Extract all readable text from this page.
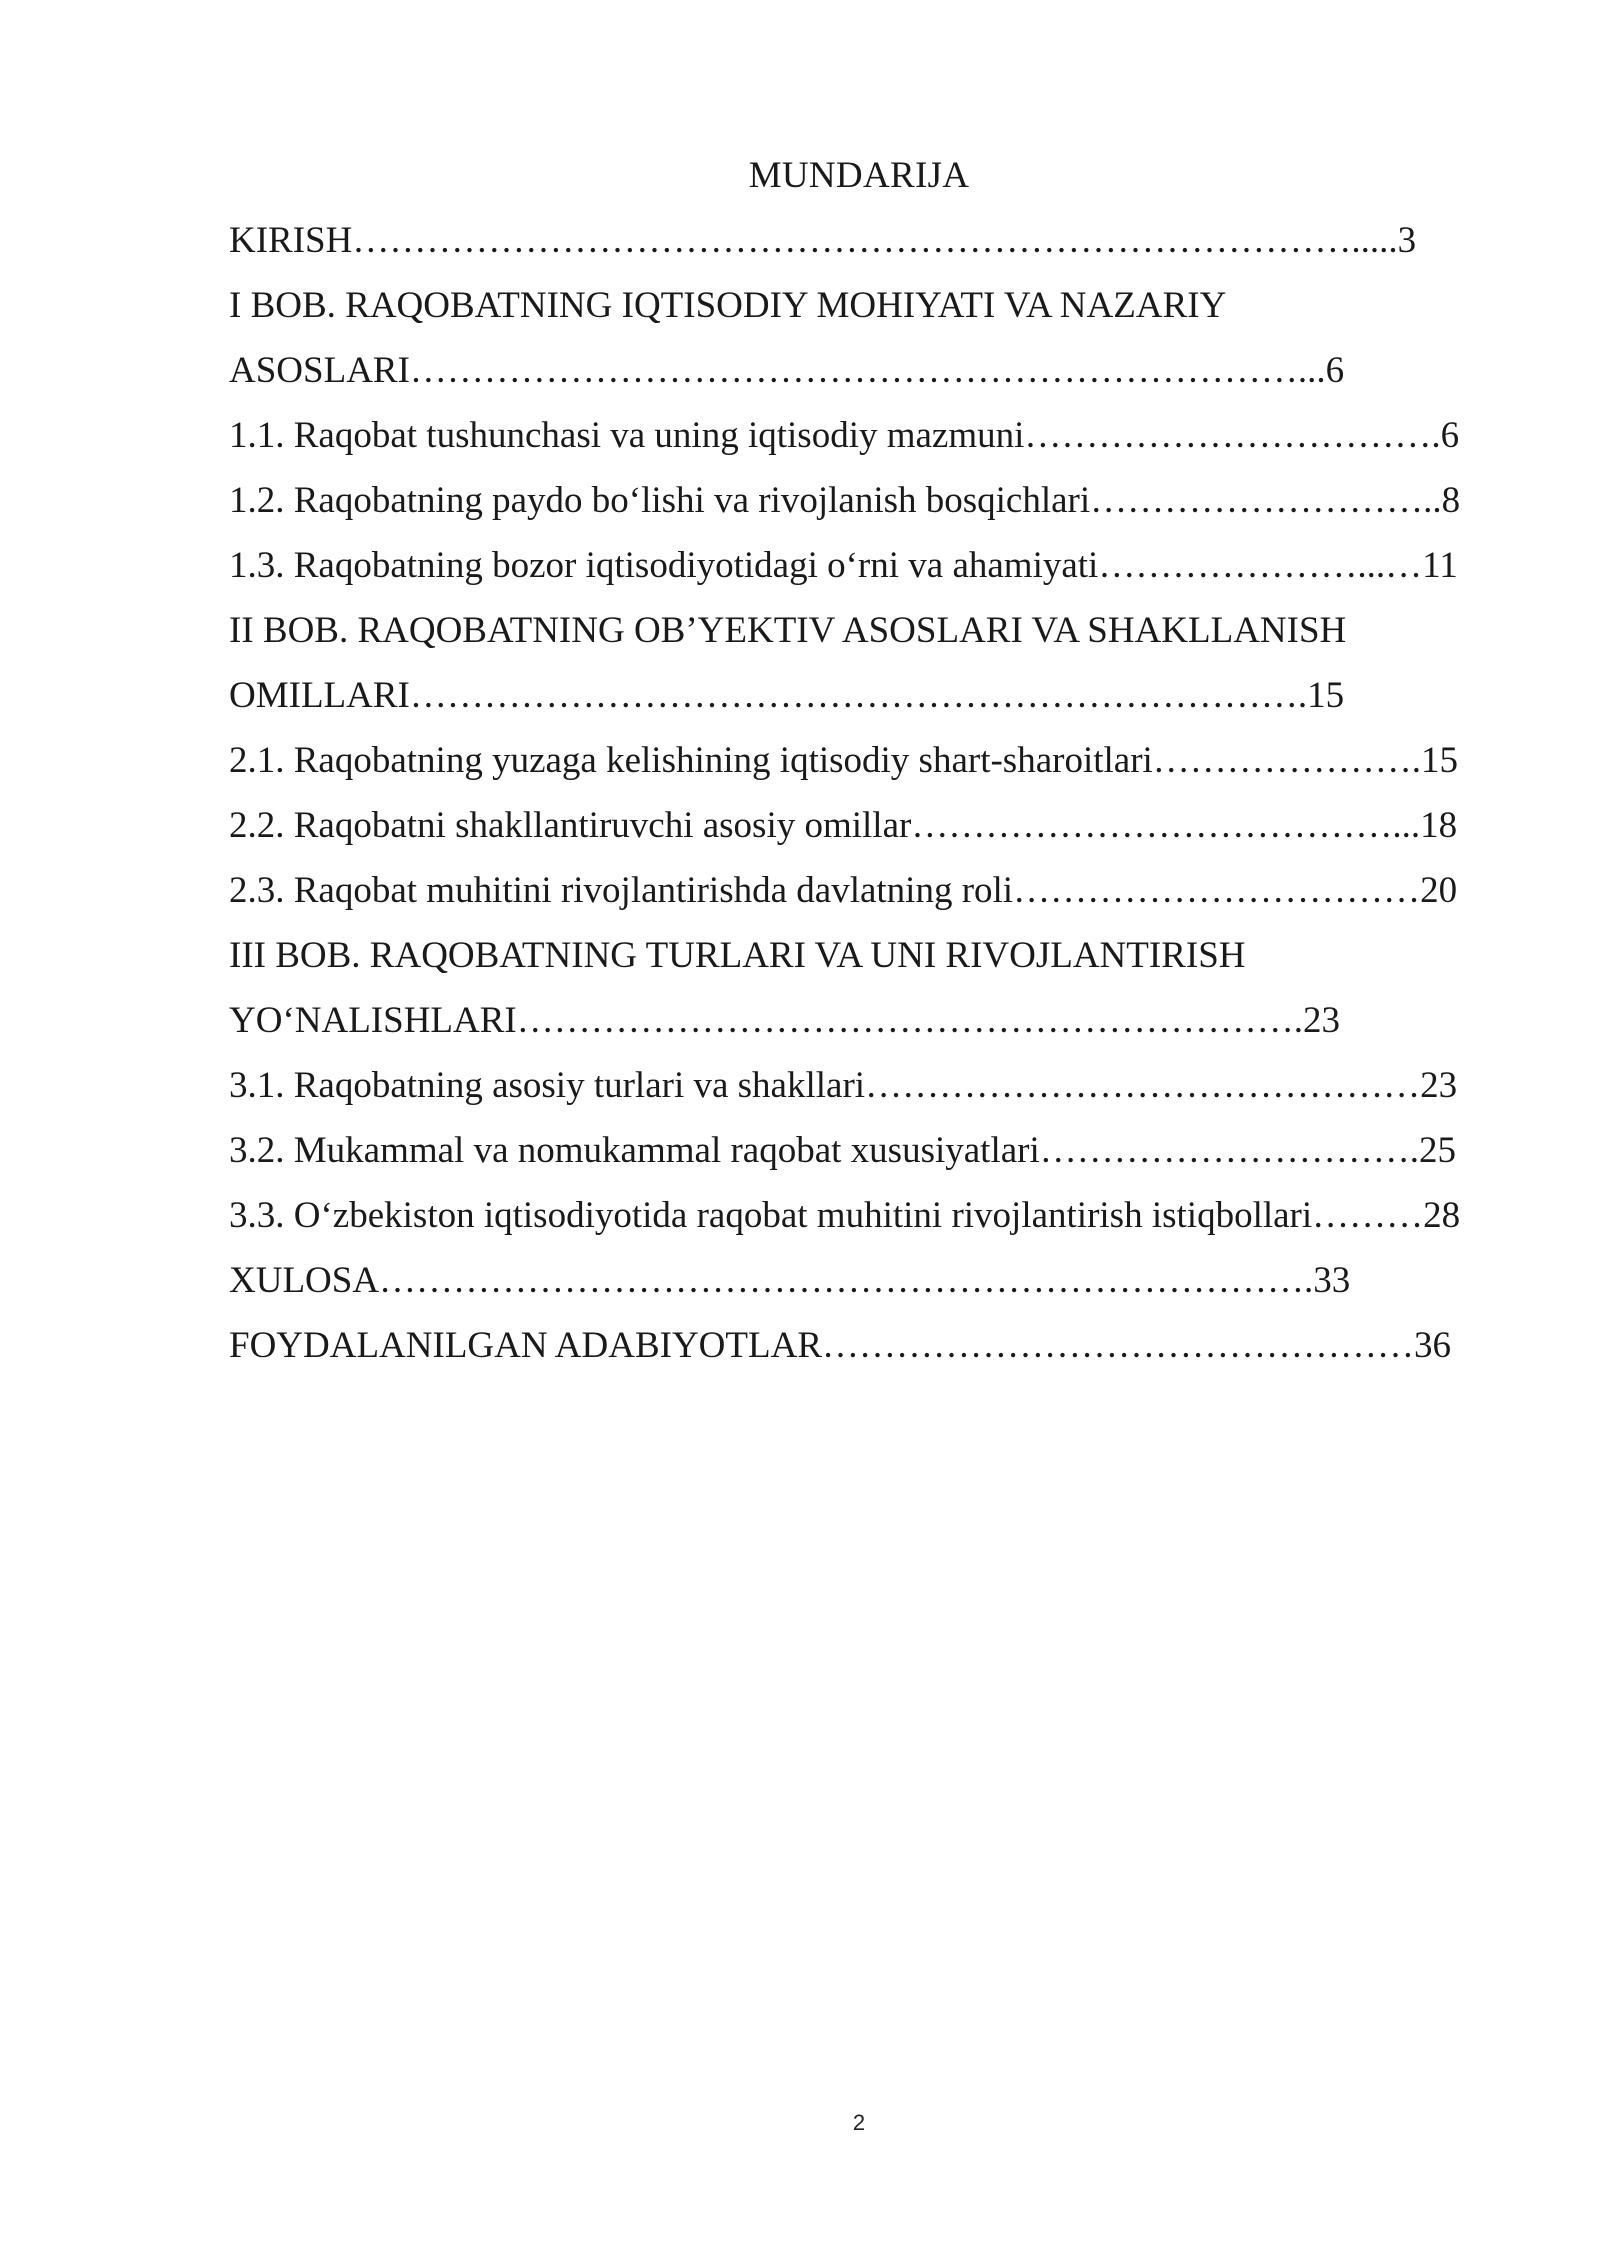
MUNDARIJA
KIRISH……………………………………………………………………….....3
I BOB. RAQOBATNING IQTISODIY MOHIYATI VA NAZARIY
ASOSLARI………………………………………………………………...6
1.1. Raqobat tushunchasi va uning iqtisodiy mazmuni…………………………….6
1.2. Raqobatning paydo boʻlishi va rivojlanish bosqichlari………………………..8
1.3. Raqobatning bozor iqtisodiyotidagi oʻrni va ahamiyati…………………...…11
II BOB. RAQOBATNING OB’YEKTIV ASOSLARI VA SHAKLLANISH
OMILLARI……………………………………………………………….15
2.1. Raqobatning yuzaga kelishining iqtisodiy shart-sharoitlari………………….15
2.2. Raqobatni shakllantiruvchi asosiy omillar…………………………………...18
2.3. Raqobat muhitini rivojlantirishda davlatning roli……………………………20
III BOB. RAQOBATNING TURLARI VA UNI RIVOJLANTIRISH
YOʻNALISHLARI……………………………………………………….23
3.1. Raqobatning asosiy turlari va shakllari………………………………………23
3.2. Mukammal va nomukammal raqobat xususiyatlari………………………….25
3.3. Oʻzbekiston iqtisodiyotida raqobat muhitini rivojlantirish istiqbollari………28
XULOSA………………………………………………………………….33
FOYDALANILGAN ADABIYOTLAR…………………………………………36
2
